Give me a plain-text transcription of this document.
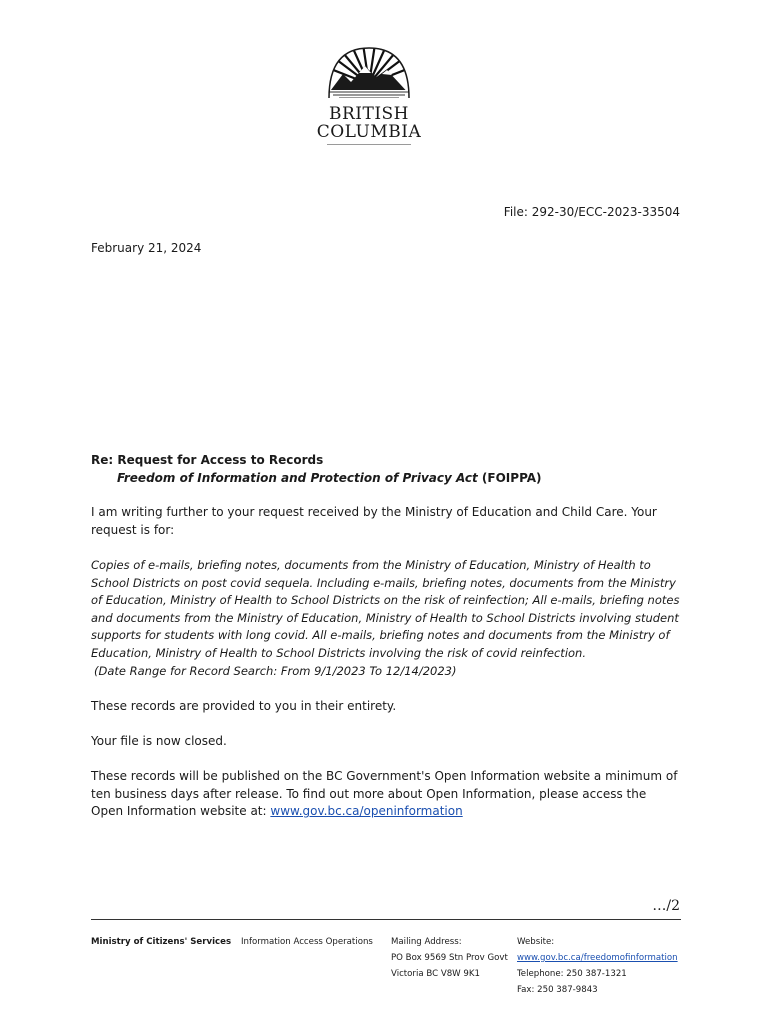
BRITISH
COLUMBIA
File: 292-30/ECC-2023-33504
February 21, 2024
Re: Request for Access to Records
Freedom of Information and Protection of Privacy Act (FOIPPA)
I am writing further to your request received by the Ministry of Education and Child Care. Your request is for:
Copies of e-mails, briefing notes, documents from the Ministry of Education, Ministry of Health to School Districts on post covid sequela. Including e-mails, briefing notes, documents from the Ministry of Education, Ministry of Health to School Districts on the risk of reinfection; All e-mails, briefing notes and documents from the Ministry of Education, Ministry of Health to School Districts involving student supports for students with long covid. All e-mails, briefing notes and documents from the Ministry of Education, Ministry of Health to School Districts involving the risk of covid reinfection.
(Date Range for Record Search: From 9/1/2023 To 12/14/2023)
These records are provided to you in their entirety.
Your file is now closed.
These records will be published on the BC Government's Open Information website a minimum of ten business days after release. To find out more about Open Information, please access the Open Information website at: www.gov.bc.ca/openinformation
…/2
Ministry of Citizens' Services Information Access Operations Mailing Address:
PO Box 9569 Stn Prov Govt
Victoria BC V8W 9K1
Website:
www.gov.bc.ca/freedomofinformation
Telephone: 250 387-1321
Fax: 250 387-9843
